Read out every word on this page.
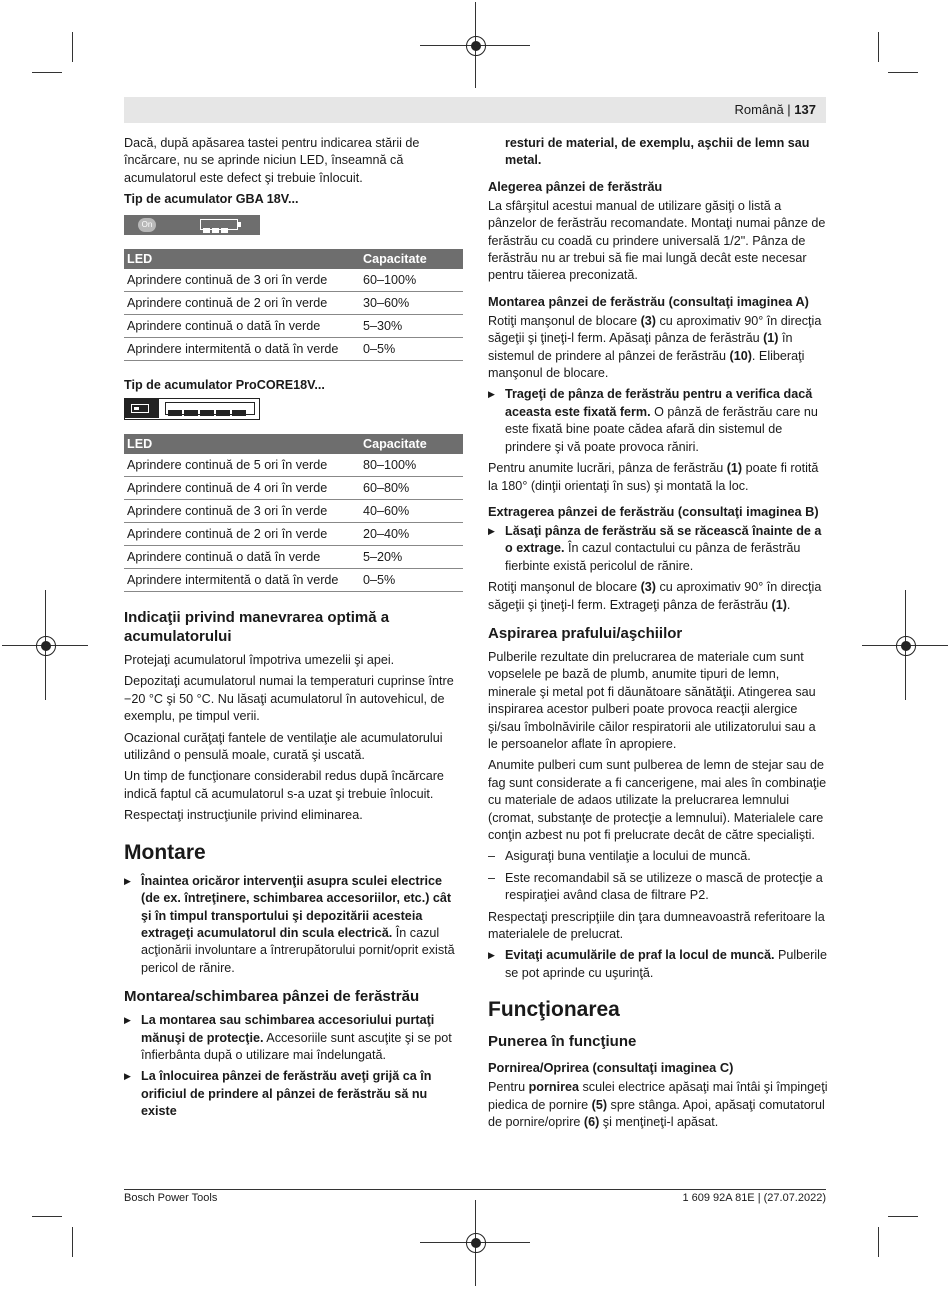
Română | 137

Dacă, după apăsarea tastei pentru indicarea stării de încărcare, nu se aprinde niciun LED, înseamnă că acumulatorul este defect şi trebuie înlocuit.

Tip de acumulator GBA 18V...

On
LED	Capacitate
Aprindere continuă de 3 ori în verde	60–100%
Aprindere continuă de 2 ori în verde	30–60%
Aprindere continuă o dată în verde	5–30%
Aprindere intermitentă o dată în verde	0–5%

Tip de acumulator ProCORE18V...

LED	Capacitate
Aprindere continuă de 5 ori în verde	80–100%
Aprindere continuă de 4 ori în verde	60–80%
Aprindere continuă de 3 ori în verde	40–60%
Aprindere continuă de 2 ori în verde	20–40%
Aprindere continuă o dată în verde	5–20%
Aprindere intermitentă o dată în verde	0–5%
Indicaţii privind manevrarea optimă a acumulatorului

Protejaţi acumulatorul împotriva umezelii şi apei.

Depozitaţi acumulatorul numai la temperaturi cuprinse între −20 °C şi 50 °C. Nu lăsaţi acumulatorul în autovehicul, de exemplu, pe timpul verii.

Ocazional curăţaţi fantele de ventilaţie ale acumulatorului utilizând o pensulă moale, curată şi uscată.

Un timp de funcţionare considerabil redus după încărcare indică faptul că acumulatorul s-a uzat şi trebuie înlocuit.

Respectaţi instrucţiunile privind eliminarea.

Montare

▶ Înaintea oricăror intervenţii asupra sculei electrice (de ex. întreţinere, schimbarea accesoriilor, etc.) cât şi în timpul transportului şi depozitării acesteia extrageţi acumulatorul din scula electrică. În cazul acţionării involuntare a întrerupătorului pornit/oprit există pericol de rănire.

Montarea/schimbarea pânzei de ferăstrău

▶ La montarea sau schimbarea accesoriului purtaţi mănuşi de protecţie. Accesoriile sunt ascuţite şi se pot înfierbânta după o utilizare mai îndelungată.

▶ La înlocuirea pânzei de ferăstrău aveţi grijă ca în orificiul de prindere al pânzei de ferăstrău să nu existe

resturi de material, de exemplu, aşchii de lemn sau metal.

Alegerea pânzei de ferăstrău

La sfârşitul acestui manual de utilizare găsiţi o listă a pânzelor de ferăstrău recomandate. Montaţi numai pânze de ferăstrău cu coadă cu prindere universală 1/2". Pânza de ferăstrău nu ar trebui să fie mai lungă decât este necesar pentru tăierea preconizată.

Montarea pânzei de ferăstrău (consultaţi imaginea A)

Rotiţi manşonul de blocare (3) cu aproximativ 90° în direcţia săgeţii şi ţineţi-l ferm. Apăsaţi pânza de ferăstrău (1) în sistemul de prindere al pânzei de ferăstrău (10). Eliberaţi manşonul de blocare.

▶ Trageţi de pânza de ferăstrău pentru a verifica dacă aceasta este fixată ferm. O pânză de ferăstrău care nu este fixată bine poate cădea afară din sistemul de prindere şi vă poate provoca răniri.

Pentru anumite lucrări, pânza de ferăstrău (1) poate fi rotită la 180° (dinţii orientaţi în sus) şi montată la loc.

Extragerea pânzei de ferăstrău (consultaţi imaginea B)

▶ Lăsaţi pânza de ferăstrău să se răcească înainte de a o extrage. În cazul contactului cu pânza de ferăstrău fierbinte există pericolul de rănire.

Rotiţi manşonul de blocare (3) cu aproximativ 90° în direcţia săgeţii şi ţineţi-l ferm. Extrageţi pânza de ferăstrău (1).

Aspirarea prafului/aşchiilor

Pulberile rezultate din prelucrarea de materiale cum sunt vopselele pe bază de plumb, anumite tipuri de lemn, minerale şi metal pot fi dăunătoare sănătăţii. Atingerea sau inspirarea acestor pulberi poate provoca reacţii alergice şi/sau îmbolnăvirile căilor respiratorii ale utilizatorului sau a le persoanelor aflate în apropiere.

Anumite pulberi cum sunt pulberea de lemn de stejar sau de fag sunt considerate a fi cancerigene, mai ales în combinaţie cu materiale de adaos utilizate la prelucrarea lemnului (cromat, substanţe de protecţie a lemnului). Materialele care conţin azbest nu pot fi prelucrate decât de către specialişti.

– Asiguraţi buna ventilaţie a locului de muncă.

– Este recomandabil să se utilizeze o mască de protecţie a respiraţiei având clasa de filtrare P2.

Respectaţi prescripţiile din ţara dumneavoastră referitoare la materialele de prelucrat.

▶ Evitaţi acumulările de praf la locul de muncă. Pulberile se pot aprinde cu uşurinţă.

Funcţionarea
Punerea în funcţiune
Pornirea/Oprirea (consultaţi imaginea C)

Pentru pornirea sculei electrice apăsaţi mai întâi şi împingeţi piedica de pornire (5) spre stânga. Apoi, apăsaţi comutatorul de pornire/oprire (6) şi menţineţi-l apăsat.

Bosch Power Tools	1 609 92A 81E | (27.07.2022)
